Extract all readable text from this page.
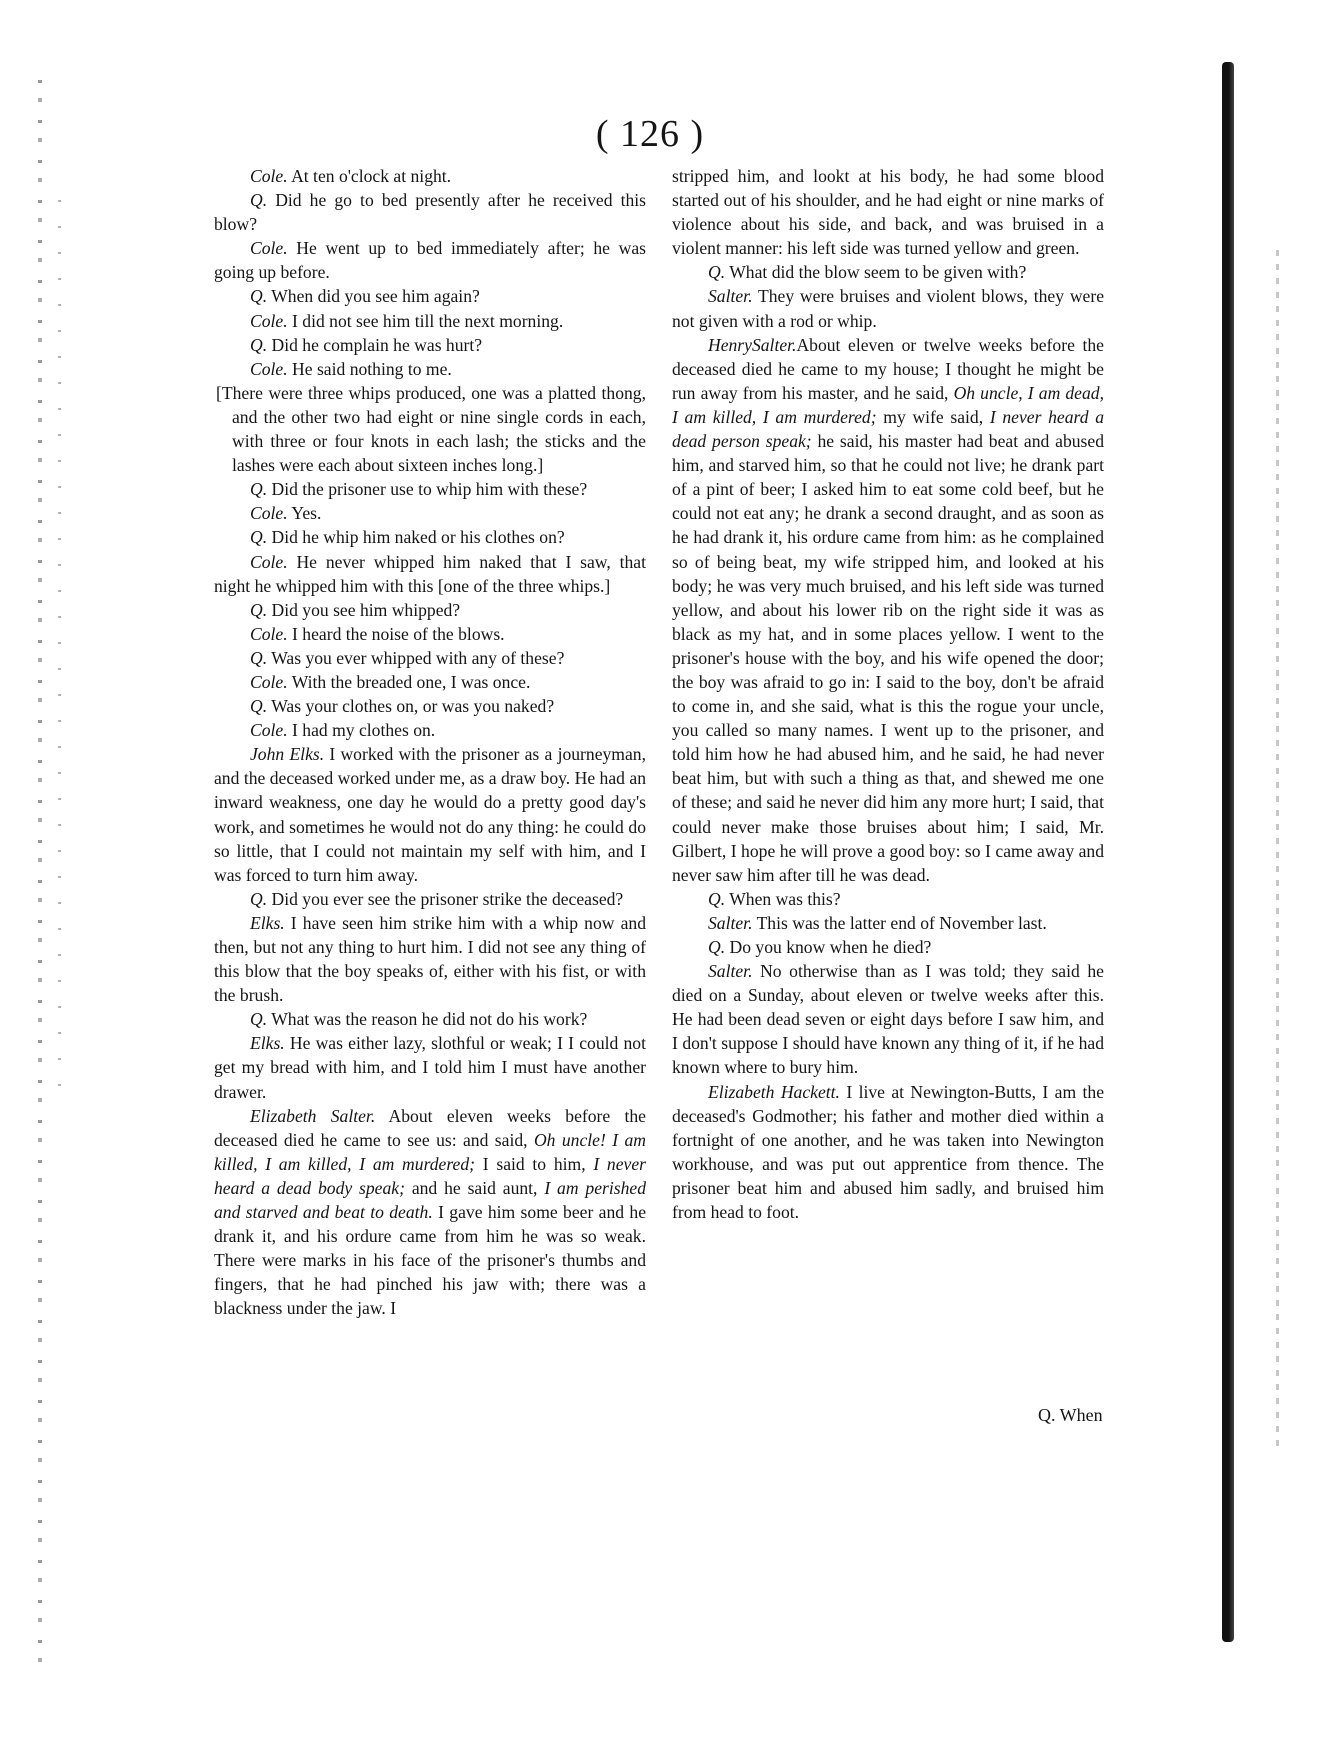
( 126 )

Cole. At ten o'clock at night.

Q. Did he go to bed presently after he received this blow?

Cole. He went up to bed immediately after; he was going up before.

Q. When did you see him again?

Cole. I did not see him till the next morning.

Q. Did he complain he was hurt?

Cole. He said nothing to me.

[There were three whips produced, one was a platted thong, and the other two had eight or nine single cords in each, with three or four knots in each lash; the sticks and the lashes were each about sixteen inches long.]

Q. Did the prisoner use to whip him with these?

Cole. Yes.

Q. Did he whip him naked or his clothes on?

Cole. He never whipped him naked that I saw, that night he whipped him with this [one of the three whips.]

Q. Did you see him whipped?

Cole. I heard the noise of the blows.

Q. Was you ever whipped with any of these?

Cole. With the breaded one, I was once.

Q. Was your clothes on, or was you naked?

Cole. I had my clothes on.

John Elks. I worked with the prisoner as a journeyman, and the deceased worked under me, as a draw boy. He had an inward weakness, one day he would do a pretty good day's work, and sometimes he would not do any thing: he could do so little, that I could not maintain my self with him, and I was forced to turn him away.

Q. Did you ever see the prisoner strike the deceased?

Elks. I have seen him strike him with a whip now and then, but not any thing to hurt him. I did not see any thing of this blow that the boy speaks of, either with his fist, or with the brush.

Q. What was the reason he did not do his work?

Elks. He was either lazy, slothful or weak; I I could not get my bread with him, and I told him I must have another drawer.

Elizabeth Salter. About eleven weeks before the deceased died he came to see us: and said, Oh uncle! I am killed, I am killed, I am murdered; I said to him, I never heard a dead body speak; and he said aunt, I am perished and starved and beat to death. I gave him some beer and he drank it, and his ordure came from him he was so weak. There were marks in his face of the prisoner's thumbs and fingers, that he had pinched his jaw with; there was a blackness under the jaw. I

stripped him, and lookt at his body, he had some blood started out of his shoulder, and he had eight or nine marks of violence about his side, and back, and was bruised in a violent manner: his left side was turned yellow and green.

Q. What did the blow seem to be given with?

Salter. They were bruises and violent blows, they were not given with a rod or whip.

HenrySalter.About eleven or twelve weeks before the deceased died he came to my house; I thought he might be run away from his master, and he said, Oh uncle, I am dead, I am killed, I am murdered; my wife said, I never heard a dead person speak; he said, his master had beat and abused him, and starved him, so that he could not live; he drank part of a pint of beer; I asked him to eat some cold beef, but he could not eat any; he drank a second draught, and as soon as he had drank it, his ordure came from him: as he complained so of being beat, my wife stripped him, and looked at his body; he was very much bruised, and his left side was turned yellow, and about his lower rib on the right side it was as black as my hat, and in some places yellow. I went to the prisoner's house with the boy, and his wife opened the door; the boy was afraid to go in: I said to the boy, don't be afraid to come in, and she said, what is this the rogue your uncle, you called so many names. I went up to the prisoner, and told him how he had abused him, and he said, he had never beat him, but with such a thing as that, and shewed me one of these; and said he never did him any more hurt; I said, that could never make those bruises about him; I said, Mr. Gilbert, I hope he will prove a good boy: so I came away and never saw him after till he was dead.

Q. When was this?

Salter. This was the latter end of November last.

Q. Do you know when he died?

Salter. No otherwise than as I was told; they said he died on a Sunday, about eleven or twelve weeks after this. He had been dead seven or eight days before I saw him, and I don't suppose I should have known any thing of it, if he had known where to bury him.

Elizabeth Hackett. I live at Newington-Butts, I am the deceased's Godmother; his father and mother died within a fortnight of one another, and he was taken into Newington workhouse, and was put out apprentice from thence. The prisoner beat him and abused him sadly, and bruised him from head to foot.

Q. When
